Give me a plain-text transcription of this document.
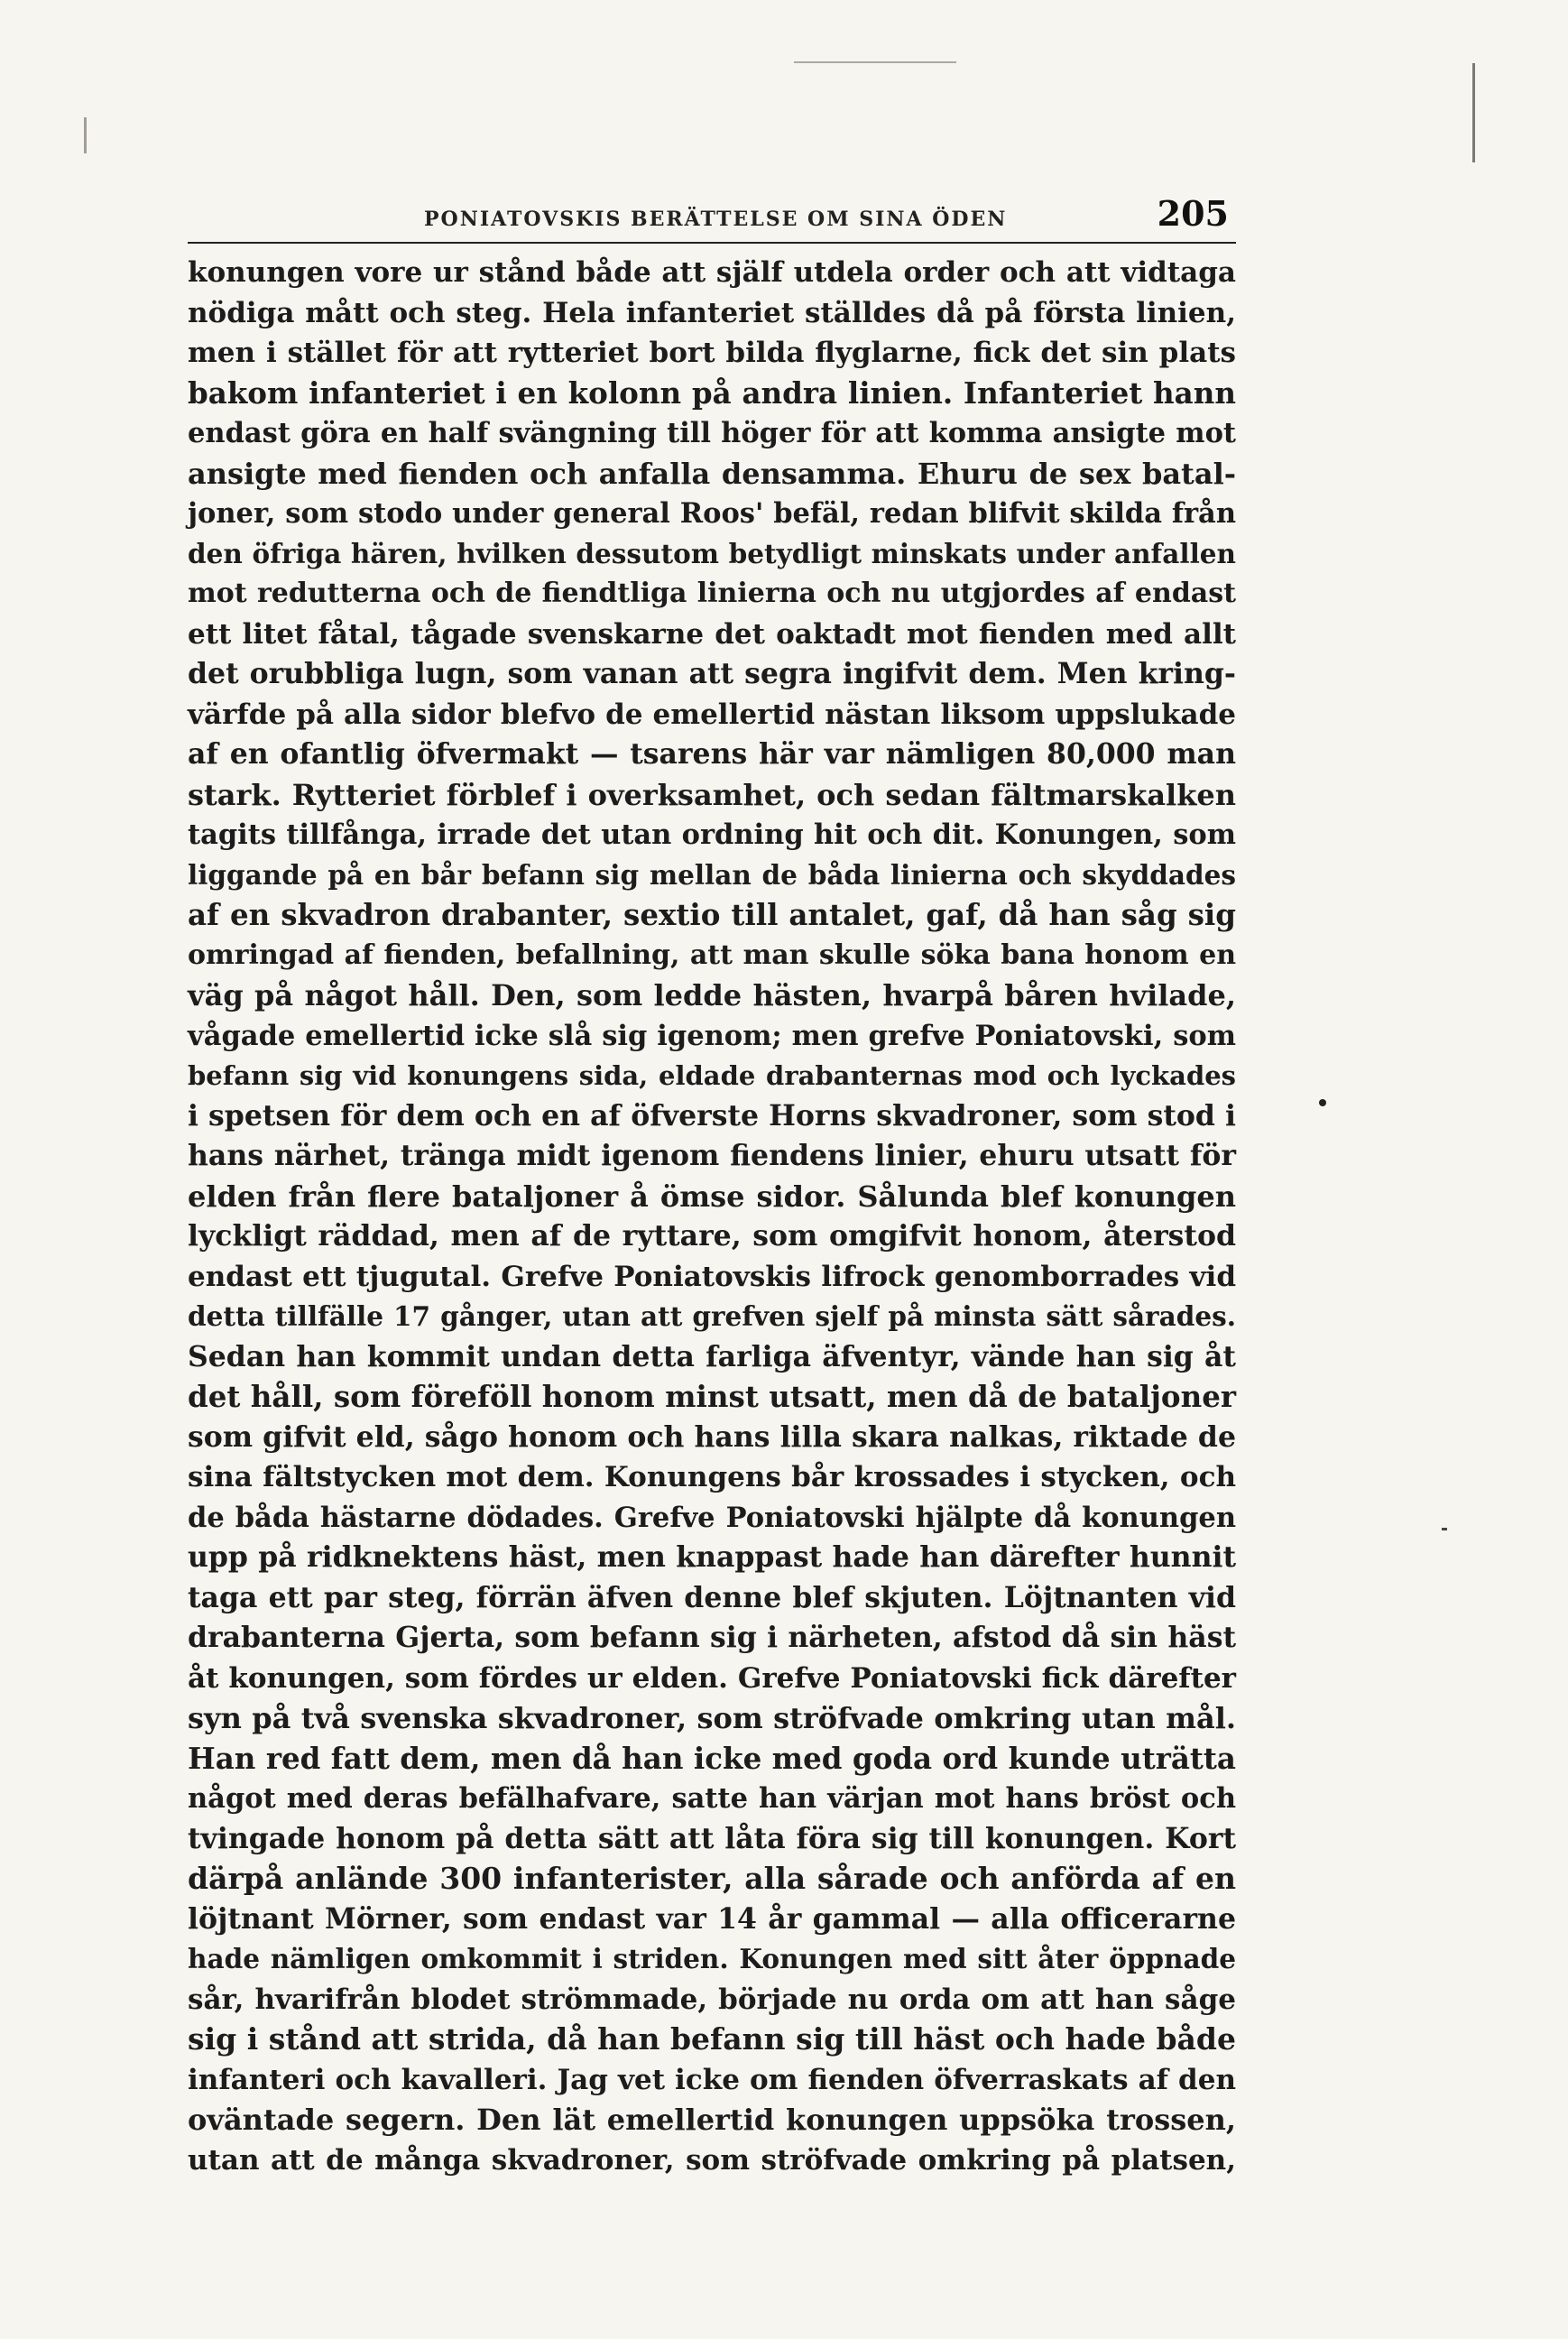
PONIATOVSKIS BERÄTTELSE OM SINA ÖDEN	205
konungen vore ur stånd både att själf utdela order och att vidtaga
nödiga mått och steg. Hela infanteriet ställdes då på första linien,
men i stället för att rytteriet bort bilda flyglarne, fick det sin plats
bakom infanteriet i en kolonn på andra linien. Infanteriet hann
endast göra en half svängning till höger för att komma ansigte mot
ansigte med fienden och anfalla densamma. Ehuru de sex batal-
joner, som stodo under general Roos' befäl, redan blifvit skilda från
den öfriga hären, hvilken dessutom betydligt minskats under anfallen
mot redutterna och de fiendtliga linierna och nu utgjordes af endast
ett litet fåtal, tågade svenskarne det oaktadt mot fienden med allt
det orubbliga lugn, som vanan att segra ingifvit dem. Men kring-
värfde på alla sidor blefvo de emellertid nästan liksom uppslukade
af en ofantlig öfvermakt — tsarens här var nämligen 80,000 man
stark. Rytteriet förblef i overksamhet, och sedan fältmarskalken
tagits tillfånga, irrade det utan ordning hit och dit. Konungen, som
liggande på en bår befann sig mellan de båda linierna och skyddades
af en skvadron drabanter, sextio till antalet, gaf, då han såg sig
omringad af fienden, befallning, att man skulle söka bana honom en
väg på något håll. Den, som ledde hästen, hvarpå båren hvilade,
vågade emellertid icke slå sig igenom; men grefve Poniatovski, som
befann sig vid konungens sida, eldade drabanternas mod och lyckades
i spetsen för dem och en af öfverste Horns skvadroner, som stod i
hans närhet, tränga midt igenom fiendens linier, ehuru utsatt för
elden från flere bataljoner å ömse sidor. Sålunda blef konungen
lyckligt räddad, men af de ryttare, som omgifvit honom, återstod
endast ett tjugutal. Grefve Poniatovskis lifrock genomborrades vid
detta tillfälle 17 gånger, utan att grefven sjelf på minsta sätt sårades.
Sedan han kommit undan detta farliga äfventyr, vände han sig åt
det håll, som föreföll honom minst utsatt, men då de bataljoner
som gifvit eld, sågo honom och hans lilla skara nalkas, riktade de
sina fältstycken mot dem. Konungens bår krossades i stycken, och
de båda hästarne dödades. Grefve Poniatovski hjälpte då konungen
upp på ridknektens häst, men knappast hade han därefter hunnit
taga ett par steg, förrän äfven denne blef skjuten. Löjtnanten vid
drabanterna Gjerta, som befann sig i närheten, afstod då sin häst
åt konungen, som fördes ur elden. Grefve Poniatovski fick därefter
syn på två svenska skvadroner, som ströfvade omkring utan mål.
Han red fatt dem, men då han icke med goda ord kunde uträtta
något med deras befälhafvare, satte han värjan mot hans bröst och
tvingade honom på detta sätt att låta föra sig till konungen. Kort
därpå anlände 300 infanterister, alla sårade och anförda af en
löjtnant Mörner, som endast var 14 år gammal — alla officerarne
hade nämligen omkommit i striden. Konungen med sitt åter öppnade
sår, hvarifrån blodet strömmade, började nu orda om att han såge
sig i stånd att strida, då han befann sig till häst och hade både
infanteri och kavalleri. Jag vet icke om fienden öfverraskats af den
oväntade segern. Den lät emellertid konungen uppsöka trossen,
utan att de många skvadroner, som ströfvade omkring på platsen,
